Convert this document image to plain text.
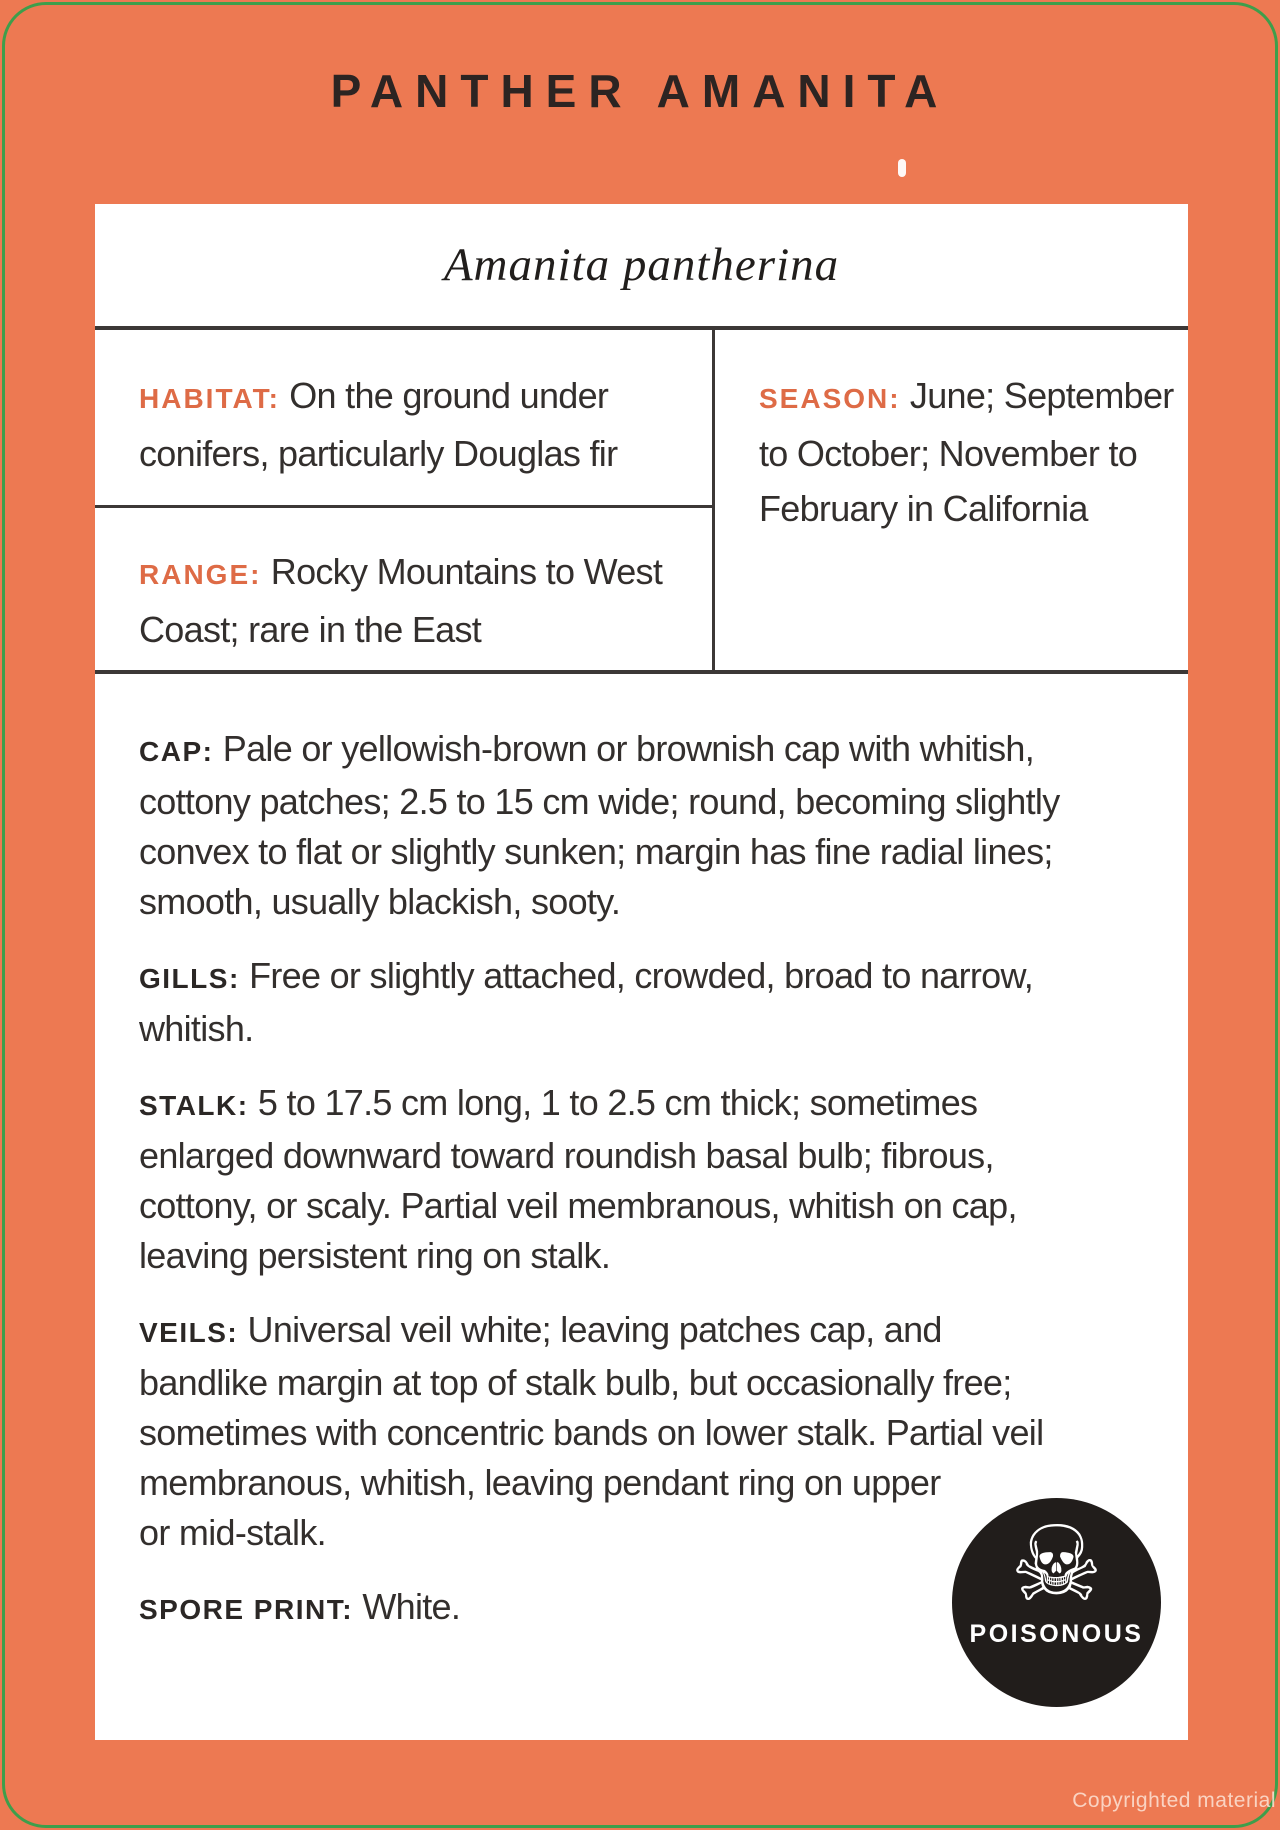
PANTHER AMANITA
Amanita pantherina
HABITAT: On the ground under
conifers, particularly Douglas fir
SEASON: June; September
to October; November to
February in California
RANGE: Rocky Mountains to West
Coast; rare in the East

CAP: Pale or yellowish-brown or brownish cap with whitish,
cottony patches; 2.5 to 15 cm wide; round, becoming slightly
convex to flat or slightly sunken; margin has fine radial lines;
smooth, usually blackish, sooty.

GILLS: Free or slightly attached, crowded, broad to narrow,
whitish.

STALK: 5 to 17.5 cm long, 1 to 2.5 cm thick; sometimes
enlarged downward toward roundish basal bulb; fibrous,
cottony, or scaly. Partial veil membranous, whitish on cap,
leaving persistent ring on stalk.

VEILS: Universal veil white; leaving patches cap, and
bandlike margin at top of stalk bulb, but occasionally free;
sometimes with concentric bands on lower stalk. Partial veil
membranous, whitish, leaving pendant ring on upper
or mid-stalk.

SPORE PRINT: White.	☠
POISONOUS
Copyrighted material
